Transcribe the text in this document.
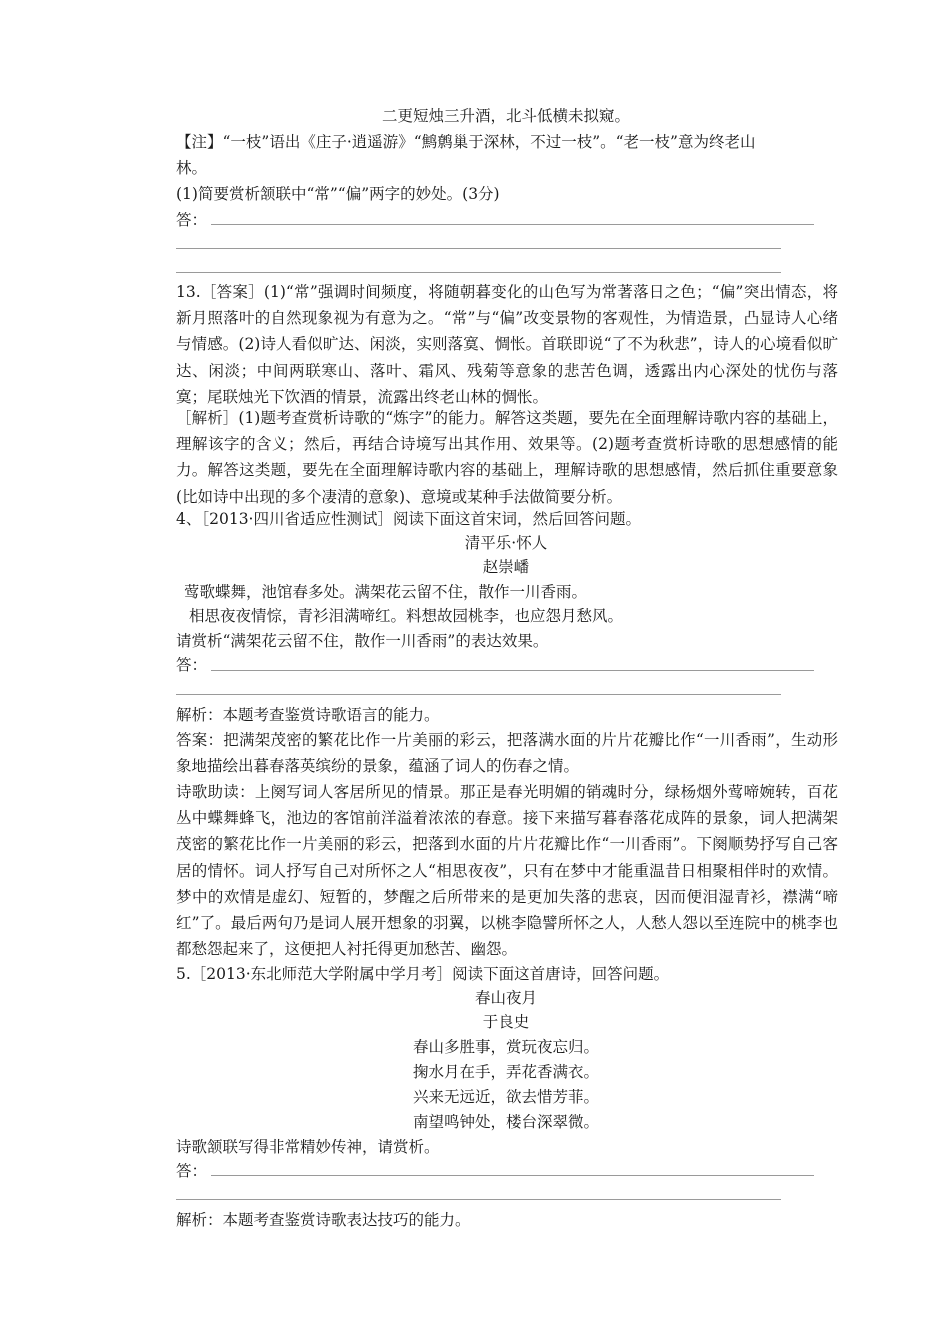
二更短烛三升酒，北斗低横未拟窥。
【注】“一枝”语出《庄子·逍遥游》“鹪鹩巢于深林，不过一枝”。“老一枝”意为终老山
林。
(1)简要赏析颔联中“常”“偏”两字的妙处。(3分)
答：
13.［答案］(1)“常”强调时间频度，将随朝暮变化的山色写为常著落日之色；“偏”突出情态，将新月照落叶的自然现象视为有意为之。“常”与“偏”改变景物的客观性，为情造景，凸显诗人心绪与情感。(2)诗人看似旷达、闲淡，实则落寞、惆怅。首联即说“了不为秋悲”，诗人的心境看似旷达、闲淡；中间两联寒山、落叶、霜风、残菊等意象的悲苦色调，透露出内心深处的忧伤与落寞；尾联烛光下饮酒的情景，流露出终老山林的惆怅。
［解析］(1)题考查赏析诗歌的“炼字”的能力。解答这类题，要先在全面理解诗歌内容的基础上，理解该字的含义；然后，再结合诗境写出其作用、效果等。(2)题考查赏析诗歌的思想感情的能力。解答这类题，要先在全面理解诗歌内容的基础上，理解诗歌的思想感情，然后抓住重要意象(比如诗中出现的多个凄清的意象)、意境或某种手法做简要分析。
4、［2013·四川省适应性测试］阅读下面这首宋词，然后回答问题。
清平乐·怀人
赵崇嶓
莺歌蝶舞，池馆春多处。满架花云留不住，散作一川香雨。
相思夜夜情悰，青衫泪满啼红。料想故园桃李，也应怨月愁风。
请赏析“满架花云留不住，散作一川香雨”的表达效果。
答：
解析：本题考查鉴赏诗歌语言的能力。
答案：把满架茂密的繁花比作一片美丽的彩云，把落满水面的片片花瓣比作“一川香雨”，生动形象地描绘出暮春落英缤纷的景象，蕴涵了词人的伤春之情。
诗歌助读：上阕写词人客居所见的情景。那正是春光明媚的销魂时分，绿杨烟外莺啼婉转，百花丛中蝶舞蜂飞，池边的客馆前洋溢着浓浓的春意。接下来描写暮春落花成阵的景象，词人把满架茂密的繁花比作一片美丽的彩云，把落到水面的片片花瓣比作“一川香雨”。下阕顺势抒写自己客居的情怀。词人抒写自己对所怀之人“相思夜夜”，只有在梦中才能重温昔日相聚相伴时的欢情。梦中的欢情是虚幻、短暂的，梦醒之后所带来的是更加失落的悲哀，因而便泪湿青衫，襟满“啼红”了。最后两句乃是词人展开想象的羽翼，以桃李隐譬所怀之人，人愁人怨以至连院中的桃李也都愁怨起来了，这便把人衬托得更加愁苦、幽怨。
5.［2013·东北师范大学附属中学月考］阅读下面这首唐诗，回答问题。
春山夜月
于良史
春山多胜事，赏玩夜忘归。
掬水月在手，弄花香满衣。
兴来无远近，欲去惜芳菲。
南望鸣钟处，楼台深翠微。
诗歌颔联写得非常精妙传神，请赏析。
答：
解析：本题考查鉴赏诗歌表达技巧的能力。
